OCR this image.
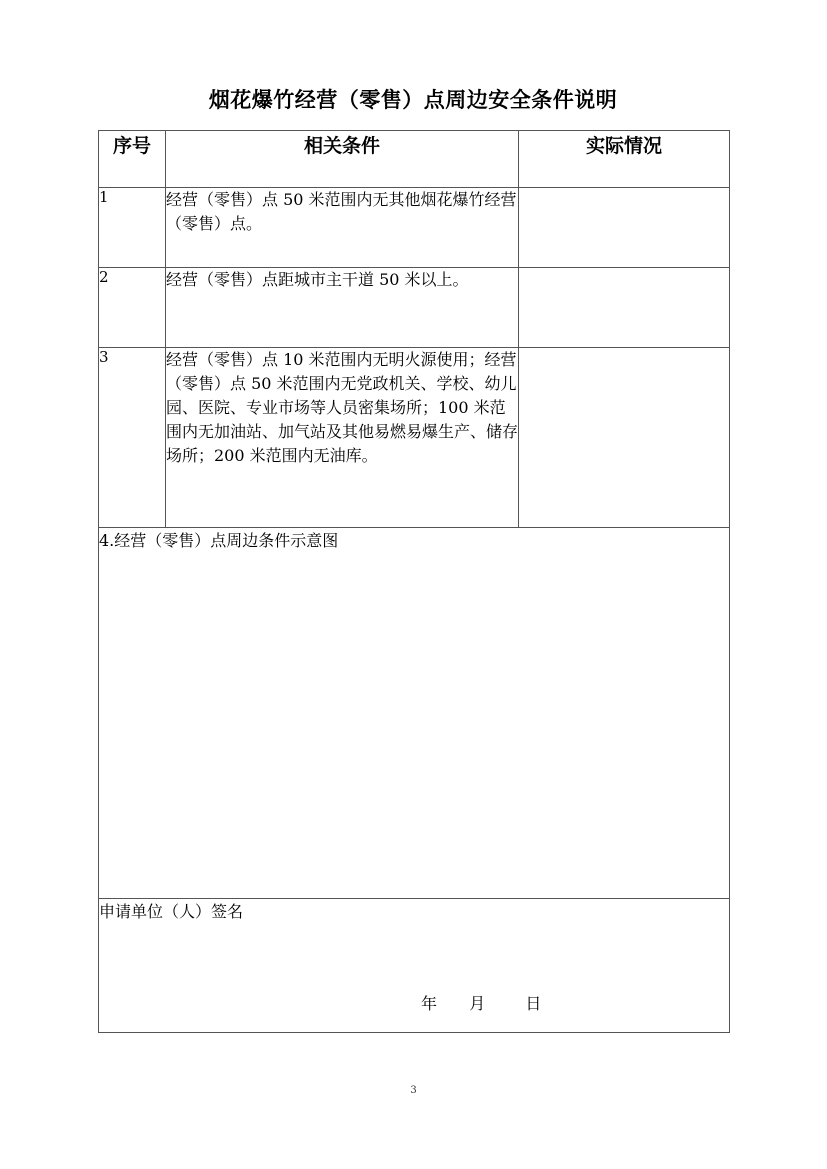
烟花爆竹经营（零售）点周边安全条件说明
序号	相关条件	实际情况
1	经营（零售）点 50 米范围内无其他烟花爆竹经营（零售）点。	
2	经营（零售）点距城市主干道 50 米以上。	
3	经营（零售）点 10 米范围内无明火源使用；经营（零售）点 50 米范围内无党政机关、学校、幼儿园、医院、专业市场等人员密集场所；100 米范围内无加油站、加气站及其他易燃易爆生产、储存场所；200 米范围内无油库。	
4.经营（零售）点周边条件示意图		
申请单位（人）签名
年 月 日		
3
